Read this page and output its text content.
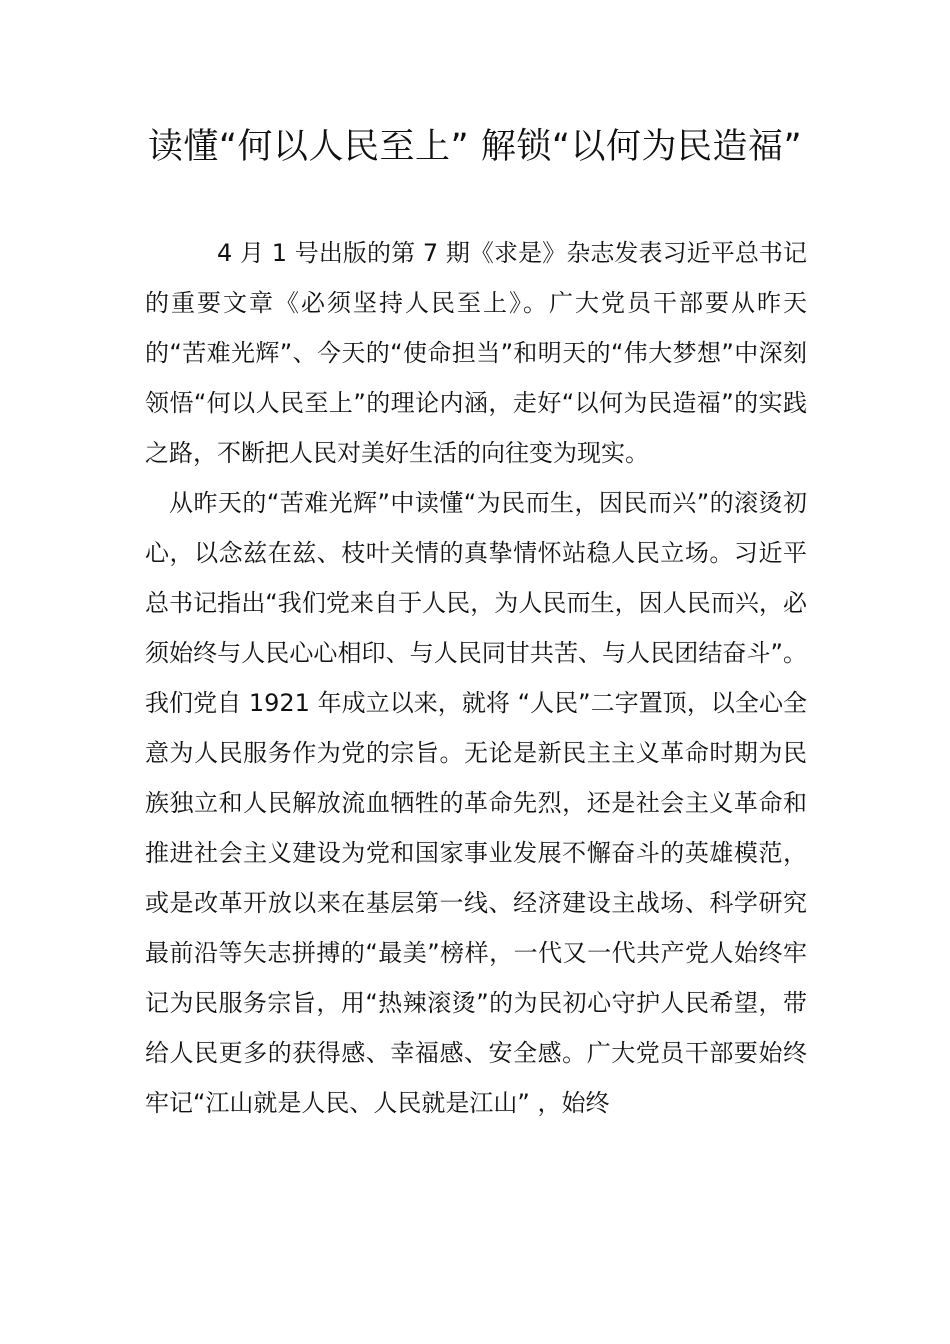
读懂“何以人民至上” 解锁“以何为民造福”

4 月 1 号出版的第 7 期《求是》杂志发表习近平总书记的重要文章《必须坚持人民至上》。广大党员干部要从昨天的“苦难光辉”、今天的“使命担当”和明天的“伟大梦想”中深刻领悟“何以人民至上”的理论内涵，走好“以何为民造福”的实践之路，不断把人民对美好生活的向往变为现实。

从昨天的“苦难光辉”中读懂“为民而生，因民而兴”的滚烫初心，以念兹在兹、枝叶关情的真挚情怀站稳人民立场。习近平总书记指出“我们党来自于人民，为人民而生，因人民而兴，必须始终与人民心心相印、与人民同甘共苦、与人民团结奋斗”。我们党自 1921 年成立以来，就将 “人民”二字置顶，以全心全意为人民服务作为党的宗旨。无论是新民主主义革命时期为民族独立和人民解放流血牺牲的革命先烈，还是社会主义革命和推进社会主义建设为党和国家事业发展不懈奋斗的英雄模范，或是改革开放以来在基层第一线、经济建设主战场、科学研究最前沿等矢志拼搏的“最美”榜样，一代又一代共产党人始终牢记为民服务宗旨，用“热辣滚烫”的为民初心守护人民希望，带给人民更多的获得感、幸福感、安全感。广大党员干部要始终牢记“江山就是人民、人民就是江山” ，始终
